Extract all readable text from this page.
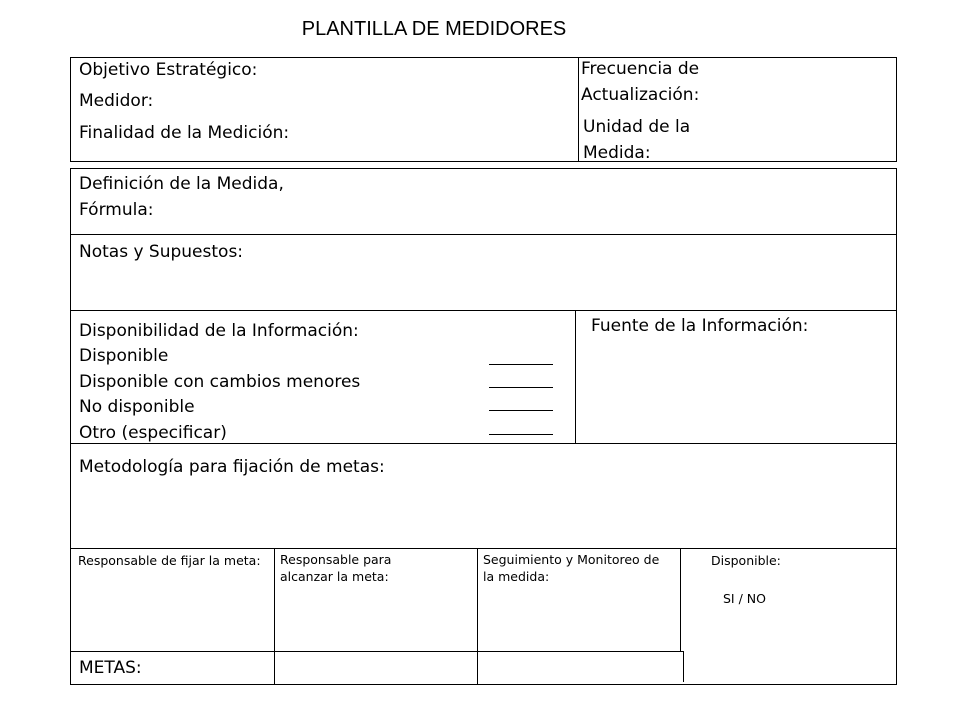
PLANTILLA DE MEDIDORES
Objetivo Estratégico:
Medidor:
Finalidad de la Medición:
Frecuencia de Actualización:
Unidad de la Medida:
Definición de la Medida, Fórmula:
Notas y Supuestos:
Disponibilidad de la Información:
Disponible
Disponible con cambios menores
No disponible
Otro (especificar)
Fuente de la Información:
Metodología para fijación de metas:
Responsable de fijar la meta: Responsable para alcanzar la meta:
Seguimiento y Monitoreo de la medida:
Disponible:
SI / NO
METAS:
